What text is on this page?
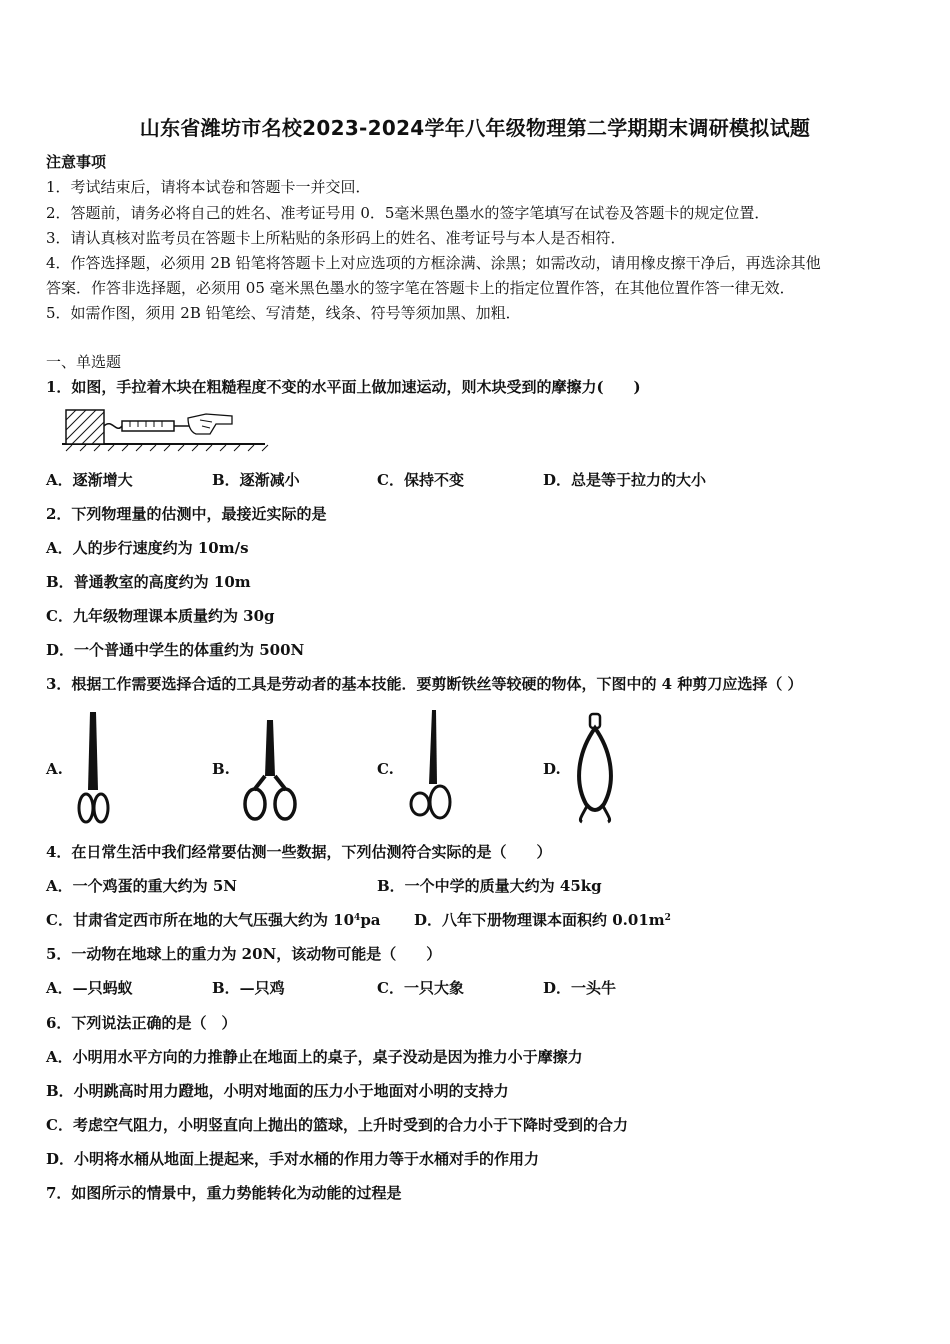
山东省潍坊市名校2023-2024学年八年级物理第二学期期末调研模拟试题
注意事项
1．考试结束后，请将本试卷和答题卡一并交回．
2．答题前，请务必将自己的姓名、准考证号用 0．5毫米黑色墨水的签字笔填写在试卷及答题卡的规定位置．
3．请认真核对监考员在答题卡上所粘贴的条形码上的姓名、准考证号与本人是否相符．
4．作答选择题，必须用 2B 铅笔将答题卡上对应选项的方框涂满、涂黑；如需改动，请用橡皮擦干净后，再选涂其他
答案．作答非选择题，必须用 05 毫米黑色墨水的签字笔在答题卡上的指定位置作答，在其他位置作答一律无效．
5．如需作图，须用 2B 铅笔绘、写清楚，线条、符号等须加黑、加粗．
一、单选题
1．如图，手拉着木块在粗糙程度不变的水平面上做加速运动，则木块受到的摩擦力(　　)
A．逐渐增大	B．逐渐减小	C．保持不变	D．总是等于拉力的大小
2．下列物理量的估测中，最接近实际的是
A．人的步行速度约为 10m/s
B．普通教室的高度约为 10m
C．九年级物理课本质量约为 30g
D．一个普通中学生的体重约为 500N
3．根据工作需要选择合适的工具是劳动者的基本技能．要剪断铁丝等较硬的物体，下图中的 4 种剪刀应选择（ ）
A.	B.	C.	D.
4．在日常生活中我们经常要估测一些数据，下列估测符合实际的是（　　）
A．一个鸡蛋的重大约为 5N	B．一个中学的质量大约为 45kg
C．甘肃省定西市所在地的大气压强大约为 $10^4pa$ D．八年下册物理课本面积约 $0.01m^2$
5．一动物在地球上的重力为 20N，该动物可能是（　　）
A．—只蚂蚁	B．—只鸡	C．一只大象	D．一头牛
6．下列说法正确的是（　）
A．小明用水平方向的力推静止在地面上的桌子，桌子没动是因为推力小于摩擦力
B．小明跳高时用力蹬地，小明对地面的压力小于地面对小明的支持力
C．考虑空气阻力，小明竖直向上抛出的篮球，上升时受到的合力小于下降时受到的合力
D．小明将水桶从地面上提起来，手对水桶的作用力等于水桶对手的作用力
7．如图所示的情景中，重力势能转化为动能的过程是
